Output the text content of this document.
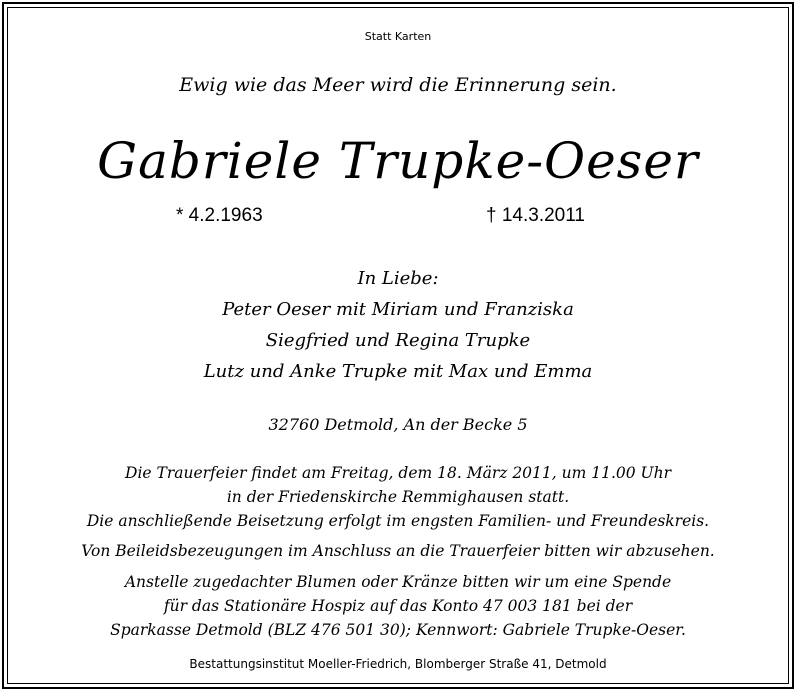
Statt Karten
Ewig wie das Meer wird die Erinnerung sein.
Gabriele Trupke-Oeser
* 4.2.1963	† 14.3.2011
In Liebe:
Peter Oeser mit Miriam und Franziska
Siegfried und Regina Trupke
Lutz und Anke Trupke mit Max und Emma
32760 Detmold, An der Becke 5
Die Trauerfeier findet am Freitag, dem 18. März 2011, um 11.00 Uhr
in der Friedenskirche Remmighausen statt.
Die anschließende Beisetzung erfolgt im engsten Familien- und Freundeskreis.
Von Beileidsbezeugungen im Anschluss an die Trauerfeier bitten wir abzusehen.
Anstelle zugedachter Blumen oder Kränze bitten wir um eine Spende
für das Stationäre Hospiz auf das Konto 47 003 181 bei der
Sparkasse Detmold (BLZ 476 501 30); Kennwort: Gabriele Trupke-Oeser.
Bestattungsinstitut Moeller-Friedrich, Blomberger Straße 41, Detmold
